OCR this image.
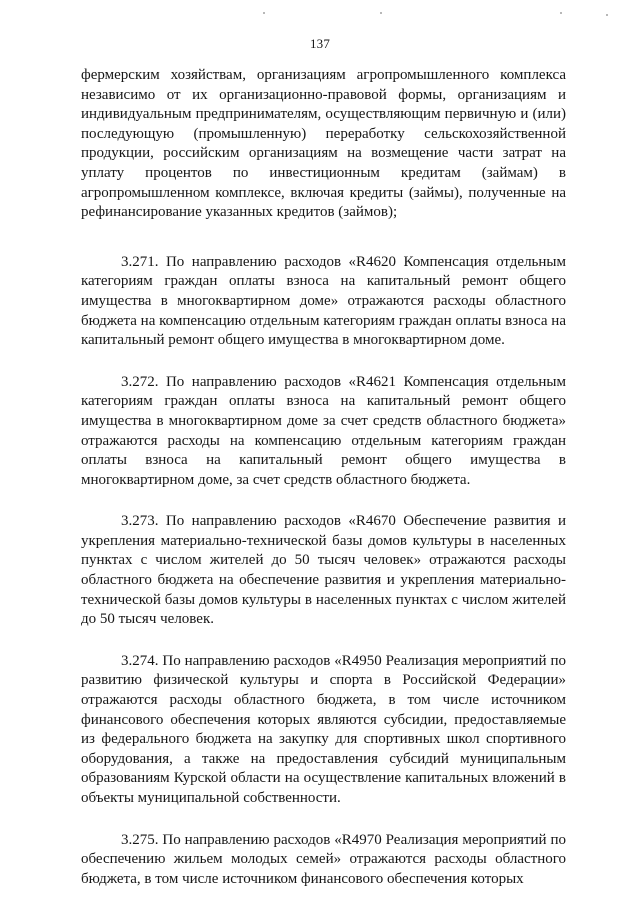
137

фермерским хозяйствам, организациям агропромышленного комплекса независимо от их организационно-правовой формы, организациям и индивидуальным предпринимателям, осуществляющим первичную и (или) последующую (промышленную) переработку сельскохозяйственной продукции, российским организациям на возмещение части затрат на уплату процентов по инвестиционным кредитам (займам) в агропромышленном комплексе, включая кредиты (займы), полученные на рефинансирование указанных кредитов (займов);

3.271. По направлению расходов «R4620 Компенсация отдельным категориям граждан оплаты взноса на капитальный ремонт общего имущества в многоквартирном доме» отражаются расходы областного бюджета на компенсацию отдельным категориям граждан оплаты взноса на капитальный ремонт общего имущества в многоквартирном доме.

3.272. По направлению расходов «R4621 Компенсация отдельным категориям граждан оплаты взноса на капитальный ремонт общего имущества в многоквартирном доме за счет средств областного бюджета» отражаются расходы на компенсацию отдельным категориям граждан оплаты взноса на капитальный ремонт общего имущества в многоквартирном доме, за счет средств областного бюджета.

3.273. По направлению расходов «R4670 Обеспечение развития и укрепления материально-технической базы домов культуры в населенных пунктах с числом жителей до 50 тысяч человек» отражаются расходы областного бюджета на обеспечение развития и укрепления материально-технической базы домов культуры в населенных пунктах с числом жителей до 50 тысяч человек.

3.274. По направлению расходов «R4950 Реализация мероприятий по развитию физической культуры и спорта в Российской Федерации» отражаются расходы областного бюджета, в том числе источником финансового обеспечения которых являются субсидии, предоставляемые из федерального бюджета на закупку для спортивных школ спортивного оборудования, а также на предоставления субсидий муниципальным образованиям Курской области на осуществление капитальных вложений в объекты муниципальной собственности.

3.275. По направлению расходов «R4970 Реализация мероприятий по обеспечению жильем молодых семей» отражаются расходы областного бюджета, в том числе источником финансового обеспечения которых
